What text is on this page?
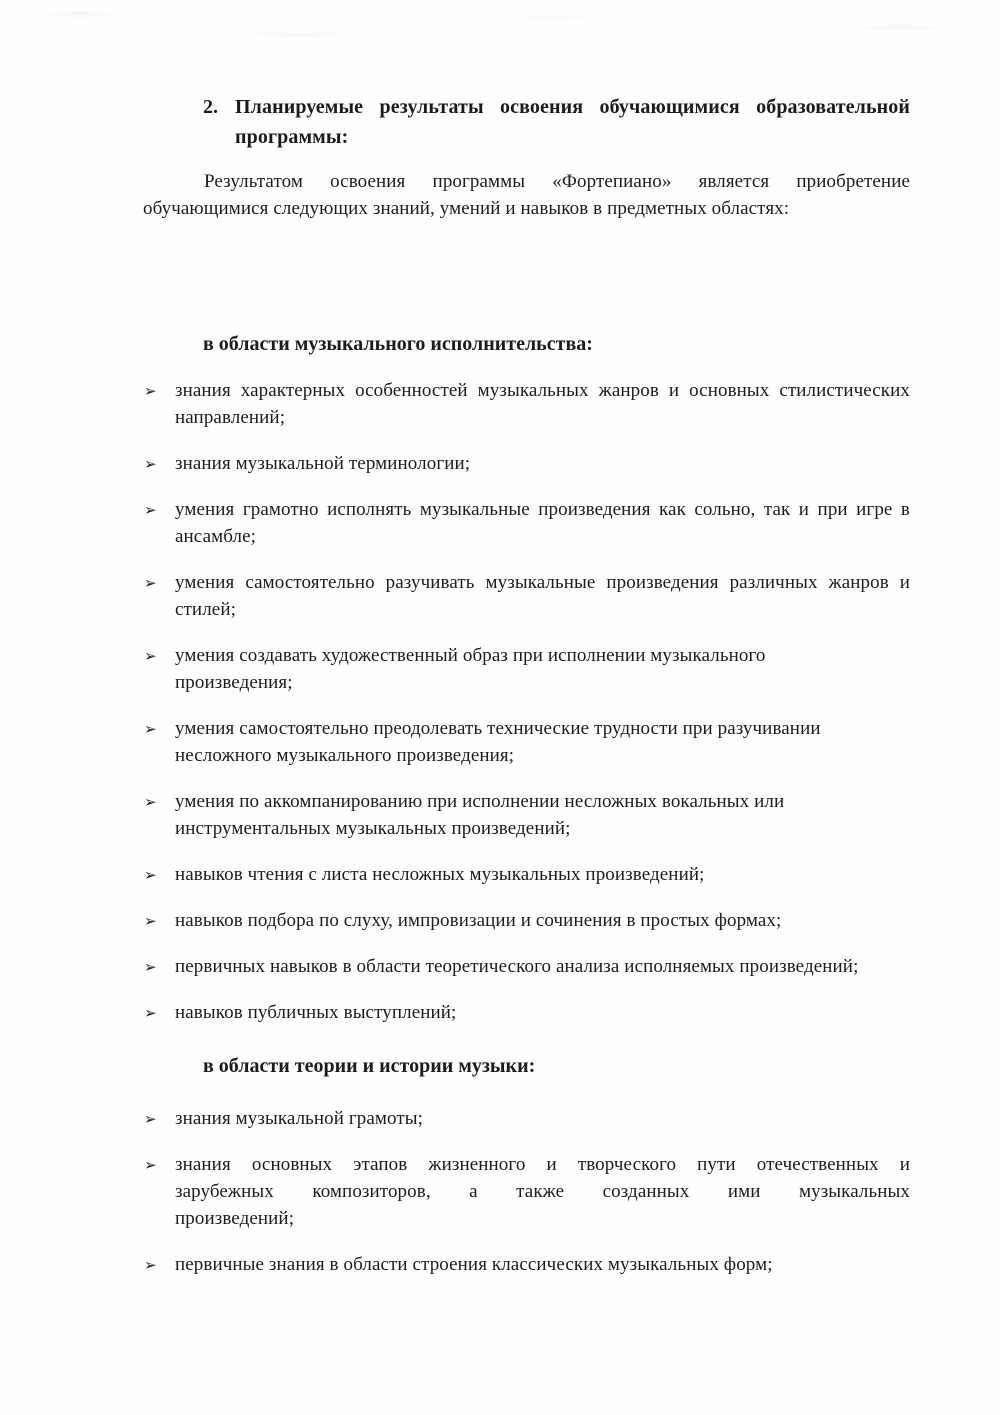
2. Планируемые результаты освоения обучающимися образовательной
программы:
Результатом освоения программы «Фортепиано» является приобретение
обучающимися следующих знаний, умений и навыков в предметных областях:
в области музыкального исполнительства:
➢ знания характерных особенностей музыкальных жанров и основных стилистических
направлений;
➢ знания музыкальной терминологии;
➢ умения грамотно исполнять музыкальные произведения как сольно, так и при игре в
ансамбле;
➢ умения самостоятельно разучивать музыкальные произведения различных жанров и
стилей;
➢ умения создавать художественный образ при исполнении музыкального
произведения;
➢ умения самостоятельно преодолевать технические трудности при разучивании
несложного музыкального произведения;
➢ умения по аккомпанированию при исполнении несложных вокальных или
инструментальных музыкальных произведений;
➢ навыков чтения с листа несложных музыкальных произведений;
➢ навыков подбора по слуху, импровизации и сочинения в простых формах;
➢ первичных навыков в области теоретического анализа исполняемых произведений;
➢ навыков публичных выступлений;
в области теории и истории музыки:
➢ знания музыкальной грамоты;
➢ знания основных этапов жизненного и творческого пути отечественных и
зарубежных композиторов, а также созданных ими музыкальных
произведений;
➢ первичные знания в области строения классических музыкальных форм;
